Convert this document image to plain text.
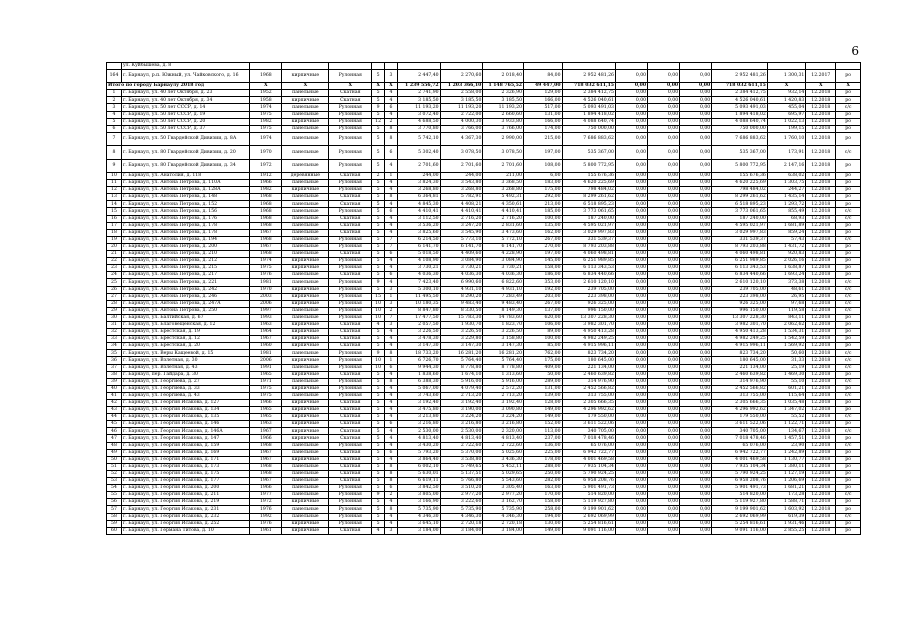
6
	ул. Куйбышева, д. 8																	
164	г. Барнаул, р.п. Южный, ул. Чайковского, д. 16	1968	кирпичные	Рулонная	5	3	2 447,40	2 270,60	2 018,40	84,00	2 952 481,26	0,00	0,00	0,00	2 952 481,26	1 300,31	12.2017	ро
Итого по городу Барнаулу 2018 год		X	X	X	X	X	1 239 556,72	1 203 366,10	1 148 765,52	49 447,00	718 032 611,15	0,00	0,00	0,00	718 032 611,15	X	X	X
1	г. Барнаул, ул. 40 лет Октября, д. 23	1952	панельные	Скатная	5	4	2 741,90	2 558,00	2 326,90	129,00	2 384 412,75	0,00	0,00	0,00	2 384 412,75	932,14	12.2018	ро
2	г. Барнаул, ул. 40 лет Октября, д. 34	1958	кирпичные	Скатная	5	4	3 185,50	3 185,50	3 185,50	166,00	4 526 040,61	0,00	0,00	0,00	4 526 040,61	1 420,83	12.2018	ро
3	г. Барнаул, ул. 50 лет СССР, д. 14	1974	панельные	Рулонная	9	6	11 193,20	11 193,20	11 193,20	517,00	5 093 491,03	0,00	0,00	0,00	5 093 491,03	455,04	12.2018	с/с
4	г. Барнаул, ул. 50 лет СССР, д. 19	1975	панельные	Рулонная	5	4	3 072,40	2 722,00	2 660,60	131,00	1 894 418,02	0,00	0,00	0,00	1 894 418,02	695,97	12.2018	ро
5	г. Барнаул, ул. 50 лет СССР, д. 20	1982	кирпичные	Рулонная	12	2	4 688,50	4 000,30	3 933,80	166,00	4 088 640,74	0,00	0,00	0,00	4 088 640,74	1 022,13	12.2018	ро
6	г. Барнаул, ул. 50 лет СССР, д. 37	1975	панельные	Рулонная	5	8	3 770,80	3 766,00	3 766,00	174,00	750 000,00	0,00	0,00	0,00	750 000,00	199,15	12.2018	ро
7	г. Барнаул, ул. 50 Гвардейской Дивизии, д. 8А	1974	панельные	Рулонная	5	8	5 742,10	4 367,30	2 990,00	215,00	7 686 883,62	0,00	0,00	0,00	7 686 883,62	1 760,10	12.2018	ро
8	г. Барнаул, ул. 80 Гвардейской Дивизии, д. 20	1970	панельные	Рулонная	5	6	5 302,40	3 078,50	3 078,50	197,00	535 367,00	0,00	0,00	0,00	535 367,00	173,91	12.2018	с/с
9	г. Барнаул, ул. 80 Гвардейской Дивизии, д. 34	1972	панельные	Рулонная	5	4	2 701,60	2 701,60	2 701,60	108,00	5 800 772,95	0,00	0,00	0,00	5 800 772,95	2 147,16	12.2018	ро
10	г. Барнаул, ул. Анатолия, д. 118	1912	деревянные	Скатная	2	1	244,00	244,00	211,00	6,00	155 676,36	0,00	0,00	0,00	155 676,36	638,02	12.2018	ро
11	г. Барнаул, ул. Антона Петрова, д. 110А	1966	панельные	Рулонная	5	4	3 824,30	3 543,80	3 368,50	183,00	4 620 225,69	0,00	0,00	0,00	4 620 225,69	1 303,75	12.2018	ро
12	г. Барнаул, ул. Антона Петрова, д. 128А	1982	кирпичные	Рулонная	5	4	3 268,80	3 268,80	3 268,80	175,00	798 484,02	0,00	0,00	0,00	798 484,02	244,27	12.2018	ро
13	г. Барнаул, ул. Антона Петрова, д. 148	1968	панельные	Скатная	5	8	6 364,81	5 782,91	5 492,31	292,00	8 299 261,62	0,00	0,00	0,00	8 299 261,62	1 435,14	12.2018	ро
14	г. Барнаул, ул. Антона Петрова, д. 152	1968	панельные	Скатная	5	4	4 845,30	4 408,21	4 350,61	213,00	6 518 895,23	0,00	0,00	0,00	6 518 895,23	1 293,72	12.2018	ро
15	г. Барнаул, ул. Антона Петрова, д. 156	1968	панельные	Рулонная	5	6	4 410,41	4 410,41	4 410,41	185,00	3 773 061,65	0,00	0,00	0,00	3 773 061,65	855,49	12.2018	с/с
16	г. Барнаул, ул. Антона Петрова, д. 176	1968	панельные	Скатная	5	4	3 112,50	2 716,20	2 716,20	100,00	187 240,00	0,00	0,00	0,00	187 240,00	68,93	12.2018	с/с
17	г. Барнаул, ул. Антона Петрова, д. 178	1968	панельные	Скатная	5	4	3 536,20	3 247,20	2 831,60	135,00	4 595 021,97	0,00	0,00	0,00	4 595 021,97	1 681,89	12.2018	ро
18	г. Барнаул, ул. Антона Петрова, д. 178	1967	панельные	Скатная	5	4	3 825,60	3 545,90	3 473,60	162,00	3 029 997,83	0,00	0,00	0,00	3 029 997,83	859,24	12.2018	ро
19	г. Барнаул, ул. Антона Петрова, д. 194	1968	панельные	Рулонная	5	7	6 214,50	5 773,10	5 772,10	267,00	331 539,37	0,00	0,00	0,00	331 539,37	57,43	12.2018	с/с
20	г. Барнаул, ул. Антона Петрова, д. 200	1967	панельные	Рулонная	5	7	6 141,70	6 141,70	6 141,70	270,00	8 793 203,88	0,00	0,00	0,00	8 793 203,88	1 431,72	12.2018	ро
21	г. Барнаул, ул. Антона Петрова, д. 210	1968	панельные	Скатная	5	6	5 018,50	4 409,60	4 228,90	197,00	4 060 498,81	0,00	0,00	0,00	4 060 498,81	920,83	12.2018	ро
22	г. Барнаул, ул. Антона Петрова, д. 212	1974	кирпичные	Рулонная	5	4	4 108,90	3 084,90	3 084,90	145,00	6 251 989,85	0,00	0,00	0,00	6 251 989,85	2 026,16	12.2018	ро
23	г. Барнаул, ул. Антона Петрова, д. 215	1975	кирпичные	Рулонная	5	4	3 730,21	3 730,21	3 730,21	158,00	6 113 343,53	0,00	0,00	0,00	6 113 343,53	1 638,87	12.2018	ро
24	г. Барнаул, ул. Антона Петрова, д. 217	1976	панельные	Скатная	5	6	4 036,30	4 036,30	4 036,30	186,00	6 834 440,66	0,00	0,00	0,00	6 834 440,66	1 693,24	12.2018	ро
25	г. Барнаул, ул. Антона Петрова, д. 221	1981	панельные	Рулонная	9	4	7 423,40	6 990,60	6 822,60	353,00	2 610 120,10	0,00	0,00	0,00	2 610 120,10	373,38	12.2018	с/с
26	г. Барнаул, ул. Антона Петрова, д. 242	1970	кирпичные	Рулонная	5	3	5 300,10	4 931,10	4 931,10	192,00	239 705,00	0,00	0,00	0,00	239 705,00	48,61	12.2018	с/с
27	г. Барнаул, ул. Антона Петрова, д. 246	2003	кирпичные	Рулонная	15	1	11 495,50	8 290,20	7 283,49	203,00	223 398,00	0,00	0,00	0,00	223 398,00	26,95	12.2018	с/с
28	г. Барнаул, ул. Антона Петрова, д. 247А	2006	кирпичные	Рулонная	10	3	10 180,35	9 483,40	9 483,40	267,00	926 325,00	0,00	0,00	0,00	926 325,00	97,68	12.2018	с/с
29	г. Барнаул, ул. Антона Петрова, д. 250	1997	панельные	Рулонная	10	2	8 847,80	8 330,50	8 149,30	137,00	996 150,00	0,00	0,00	0,00	996 150,00	119,58	12.2018	с/с
30	г. Барнаул, ул. Балтийская, д. 67	1993	панельные	Рулонная	10	7	17 477,50	15 783,30	14 783,60	620,00	13 307 228,30	0,00	0,00	0,00	13 307 228,30	843,11	12.2018	ро
31	г. Барнаул, ул. Благовещенская, д. 12	1963	кирпичные	Скатная	4	3	2 057,50	1 930,70	1 823,70	106,00	3 982 301,70	0,00	0,00	0,00	3 982 301,70	2 062,62	12.2018	ро
32	г. Барнаул, ул. Брестская, д. 19	1964	кирпичные	Скатная	5	4	3 226,50	3 226,50	3 226,50	89,00	4 950 413,28	0,00	0,00	0,00	4 950 413,28	1 534,31	12.2018	ро
33	г. Барнаул, ул. Брестская, д. 12	1967	кирпичные	Скатная	5	4	3 478,30	3 229,80	3 158,80	100,00	4 982 249,25	0,00	0,00	0,00	4 982 249,25	1 542,59	12.2018	ро
34	г. Барнаул, ул. Брестская, д. 20	1960	кирпичные	Скатная	5	4	3 147,30	3 147,30	3 147,30	85,00	4 915 996,11	0,00	0,00	0,00	4 915 996,11	1 569,92	12.2018	ро
35	г. Барнаул, ул. Веры Кащеевой, д. 15	1981	панельные	Рулонная	9	8	18 733,20	16 281,20	16 281,20	762,00	823 734,20	0,00	0,00	0,00	823 734,20	50,60	12.2018	с/с
36	г. Барнаул, ул. Взлетная, д. 30	2006	кирпичные	Рулонная	10	1	6 726,70	5 764,40	5 764,40	175,00	180 645,00	0,00	0,00	0,00	180 645,00	31,33	12.2018	с/с
37	г. Барнаул, ул. Взлетная, д. 43	1991	панельные	Рулонная	10	6	9 944,30	8 778,80	8 778,80	409,00	221 134,00	0,00	0,00	0,00	221 134,00	25,19	12.2018	с/с
38	г. Барнаул, пер. Гайдара, д. 30	1965	кирпичные	Скатная	5	4	1 838,60	1 674,10	1 313,60	50,00	2 460 639,82	0,00	0,00	0,00	2 460 639,82	1 469,30	12.2018	ро
39	г. Барнаул, ул. Георгиева, д. 27	1971	панельные	Рулонная	5	8	6 388,30	5 916,00	5 916,00	289,00	314 976,90	0,00	0,00	0,00	314 976,90	55,10	12.2018	с/с
40	г. Барнаул, ул. Георгиева, д. 33	1975	кирпичные	Рулонная	5	4	5 067,00	4 079,40	2 572,20	131,00	2 452 566,82	0,00	0,00	0,00	2 452 566,82	601,21	12.2018	ро
41	г. Барнаул, ул. Георгиева, д. 43	1975	панельные	Рулонная	5	4	3 743,60	2 713,20	2 713,20	139,00	313 755,00	0,00	0,00	0,00	313 755,00	115,64	12.2018	с/с
42	г. Барнаул, ул. Георгия Исакова, д. 127	1966	кирпичные	Скатная	5	4	3 192,40	3 192,40	3 192,40	128,00	2 305 666,35	0,00	0,00	0,00	2 305 666,35	1 035,48	12.2018	ро
43	г. Барнаул, ул. Георгия Исакова, д. 134	1965	кирпичные	Скатная	5	4	3 475,80	3 190,00	3 090,80	149,00	4 296 992,62	0,00	0,00	0,00	4 296 992,62	1 347,02	12.2018	ро
44	г. Барнаул, ул. Георгия Исакова, д. 135	1965	кирпичные	Скатная	5	4	3 213,80	3 224,20	3 224,20	149,00	179 550,00	0,00	0,00	0,00	179 550,00	55,52	12.2018	с/с
45	г. Барнаул, ул. Георгия Исакова, д. 146	1963	кирпичные	Скатная	5	6	3 216,80	3 216,80	3 216,80	152,00	3 611 522,06	0,00	0,00	0,00	3 611 522,06	1 122,71	12.2018	ро
46	г. Барнаул, ул. Георгия Исакова, д. 146А	1967	кирпичные	Скатная	5	4	2 530,00	2 530,00	2 320,00	113,00	340 705,00	0,00	0,00	0,00	340 705,00	134,67	12.2018	с/с
47	г. Барнаул, ул. Георгия Исакова, д. 147	1966	кирпичные	Скатная	5	4	4 813,40	4 813,40	4 813,40	237,00	7 018 478,46	0,00	0,00	0,00	7 018 478,46	1 457,51	12.2018	ро
48	г. Барнаул, ул. Георгия Исакова, д. 159	1968	панельные	Рулонная	5	4	3 430,20	2 722,60	2 722,60	136,00	65 076,00	0,00	0,00	0,00	65 076,00	23,90	12.2018	с/с
49	г. Барнаул, ул. Георгия Исакова, д. 169	1967	панельные	Скатная	5	6	5 793,20	5 370,00	5 025,60	225,00	6 942 722,77	0,00	0,00	0,00	6 942 722,77	1 242,89	12.2018	ро
50	г. Барнаул, ул. Георгия Исакова, д. 171	1967	кирпичные	Скатная	5	4	3 864,40	3 538,80	3 436,30	178,00	4 001 469,58	0,00	0,00	0,00	4 001 469,58	1 130,77	12.2018	ро
51	г. Барнаул, ул. Георгия Исакова, д. 173	1968	панельные	Скатная	5	8	6 002,10	5 749,65	5 452,11	288,00	7 935 104,34	0,00	0,00	0,00	7 935 104,34	1 380,11	12.2018	ро
52	г. Барнаул, ул. Георгия Исакова, д. 175	1968	панельные	Скатная	5	8	5 630,01	5 137,51	5 029,65	250,00	5 790 924,25	0,00	0,00	0,00	5 790 924,25	1 127,19	12.2018	ро
53	г. Барнаул, ул. Георгия Исакова, д. 177	1967	панельные	Скатная	5	8	6 619,11	5 766,80	5 543,60	282,00	6 958 208,76	0,00	0,00	0,00	6 958 208,76	1 206,69	12.2018	ро
54	г. Барнаул, ул. Георгия Исакова, д. 200	1966	панельные	Рулонная	5	6	3 842,50	3 510,20	3 305,40	163,00	5 901 491,73	0,00	0,00	0,00	5 901 491,73	1 681,21	12.2018	ро
55	г. Барнаул, ул. Георгия Исакова, д. 211	1977	панельные	Рулонная	9	2	3 805,00	2 977,20	2 977,20	170,00	514 820,00	0,00	0,00	0,00	514 820,00	173,28	12.2018	с/с
56	г. Барнаул, ул. Георгия Исакова, д. 219	1972	кирпичные	Рулонная	5	4	3 166,90	3 222,60	3 162,70	158,00	5 119 927,80	0,00	0,00	0,00	5 119 927,80	1 588,71	12.2018	ро
57	г. Барнаул, ул. Георгия Исакова, д. 231	1976	панельные	Рулонная	5	8	5 735,90	5 735,90	5 735,90	258,00	9 199 901,62	0,00	0,00	0,00	9 199 901,62	1 603,92	12.2018	ро
58	г. Барнаул, ул. Георгия Исакова, д. 232	1992	панельные	Рулонная	5	4	4 346,30	4 346,30	4 346,30	194,00	2 692 069,99	0,00	0,00	0,00	2 692 069,99	619,39	12.2018	с/с
59	г. Барнаул, ул. Георгия Исакова, д. 252	1976	кирпичные	Рулонная	5	4	3 645,10	2 720,18	2 720,18	130,00	5 254 816,61	0,00	0,00	0,00	5 254 816,61	1 931,46	12.2018	ро
60	г. Барнаул, ул. Германа Титова, д. 10	1961	кирпичные	Скатная	4	3	3 184,00	3 184,00	3 184,00	149,00	9 091 116,00	0,00	0,00	0,00	9 091 116,00	2 855,25	12.2018	ро
